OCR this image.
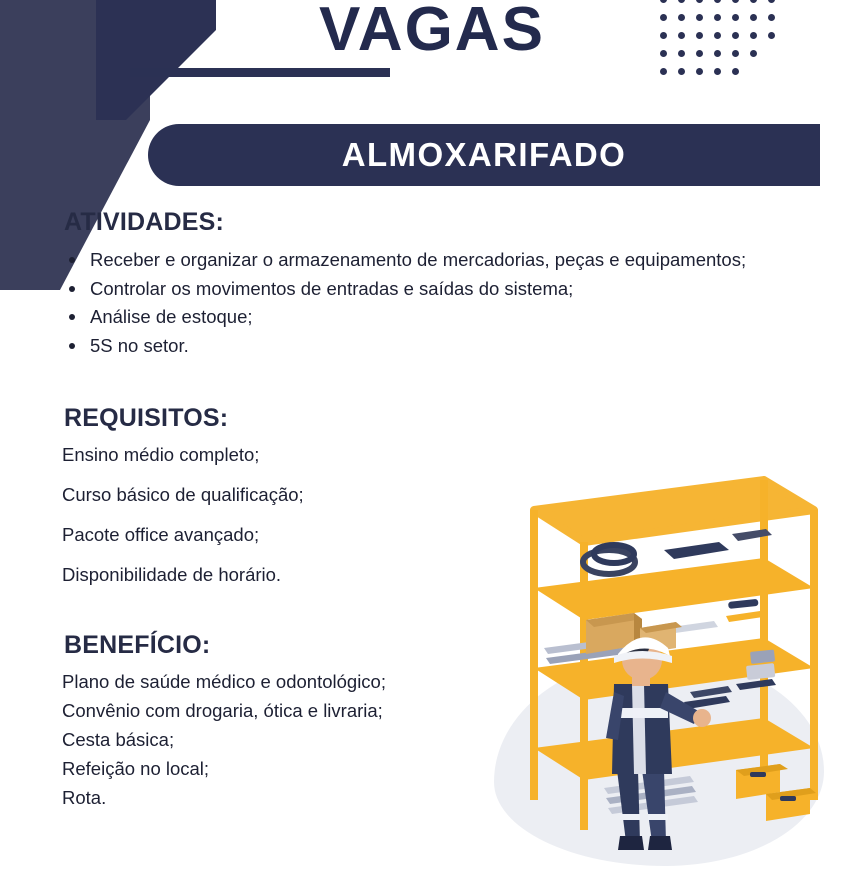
VAGAS
ALMOXARIFADO
ATIVIDADES:
Receber e organizar o armazenamento de mercadorias, peças e equipamentos;
Controlar os movimentos de entradas e saídas do sistema;
Análise de estoque;
5S no setor.
REQUISITOS:
Ensino médio completo;
Curso básico de qualificação;
Pacote office avançado;
Disponibilidade de horário.
BENEFÍCIO:
Plano de saúde médico e odontológico;
Convênio com drogaria, ótica e livraria;
Cesta básica;
Refeição no local;
Rota.
